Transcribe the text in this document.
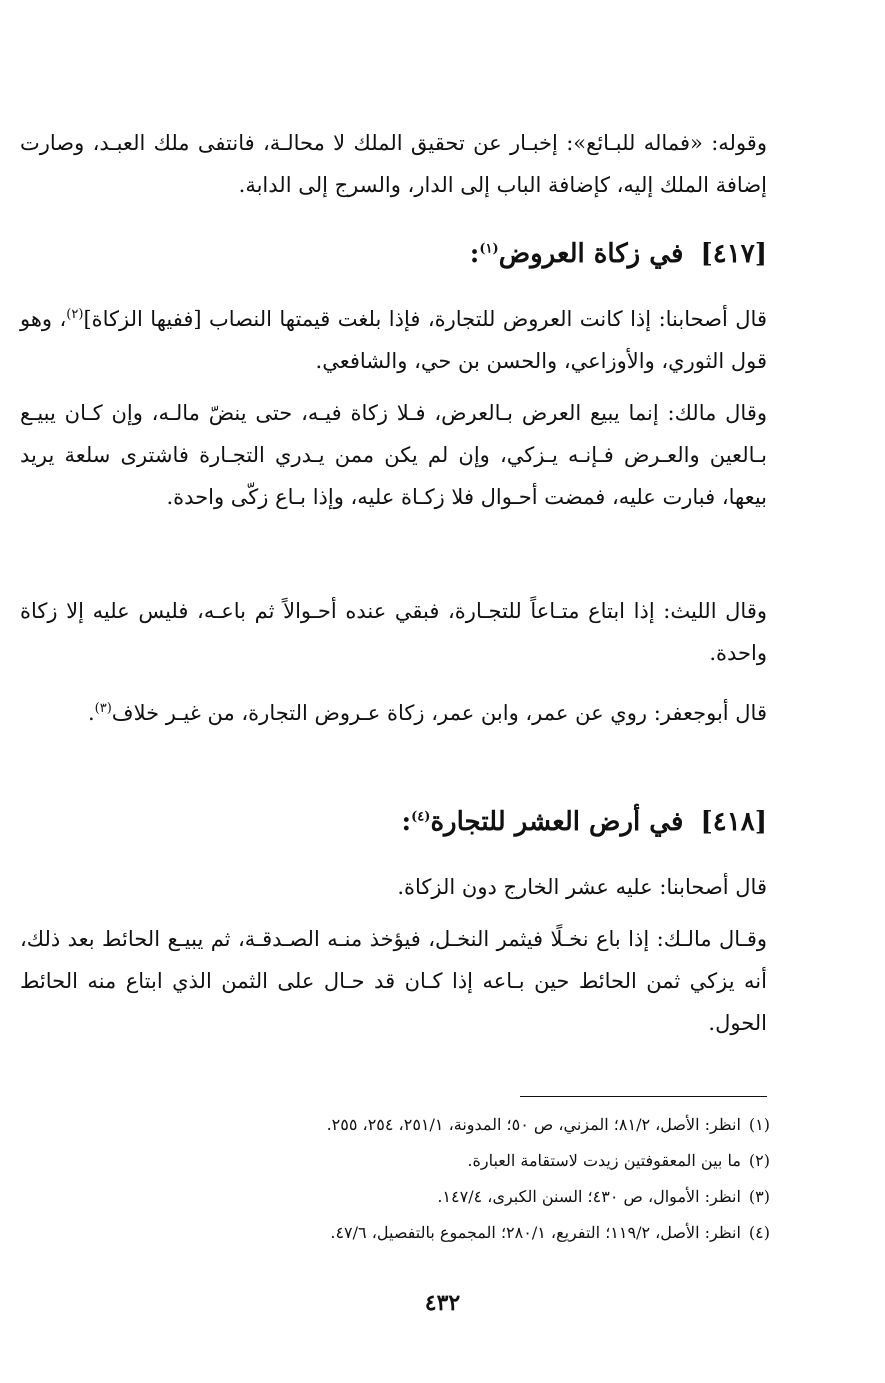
وقوله: «فماله للبـائع»: إخبـار عن تحقيق الملك لا محالـة، فانتفى ملك العبـد، وصارت إضافة الملك إليه، كإضافة الباب إلى الدار، والسرج إلى الدابة.

[٤١٧] في زكاة العروض$^{(١)}$:

قال أصحابنا: إذا كانت العروض للتجارة، فإذا بلغت قيمتها النصاب [ففيها الزكاة]$^{(٢)}$، وهو قول الثوري، والأوزاعي، والحسن بن حي، والشافعي.

وقال مالك: إنما يبيع العرض بـالعرض، فـلا زكاة فيـه، حتى ينضّ مالـه، وإن كـان يبيـع بـالعين والعـرض فـإنـه يـزكي، وإن لم يكن ممن يـدري التجـارة فاشترى سلعة يريد بيعها، فبارت عليه، فمضت أحـوال فلا زكـاة عليه، وإذا بـاع زكّى واحدة.

وقال الليث: إذا ابتاع متـاعاً للتجـارة، فبقي عنده أحـوالاً ثم باعـه، فليس عليه إلا زكاة واحدة.

قال أبوجعفر: روي عن عمر، وابن عمر، زكاة عـروض التجارة، من غيـر خلاف$^{(٣)}$.

[٤١٨] في أرض العشر للتجارة$^{(٤)}$:

قال أصحابنا: عليه عشر الخارج دون الزكاة.

وقـال مالـك: إذا باع نخـلًا فيثمر النخـل، فيؤخذ منـه الصـدقـة، ثم يبيـع الحائط بعد ذلك، أنه يزكي ثمن الحائط حين بـاعه إذا كـان قد حـال على الثمن الذي ابتاع منه الحائط الحول.

(١)انظر: الأصل، ٨١/٢؛ المزني، ص ٥٠؛ المدونة، ٢٥١/١، ٢٥٤، ٢٥٥.
(٢)ما بين المعقوفتين زيدت لاستقامة العبارة.
(٣)انظر: الأموال، ص ٤٣٠؛ السنن الكبرى، ١٤٧/٤.
(٤)انظر: الأصل، ١١٩/٢؛ التفريع، ٢٨٠/١؛ المجموع بالتفصيل، ٤٧/٦.
٤٣٢
